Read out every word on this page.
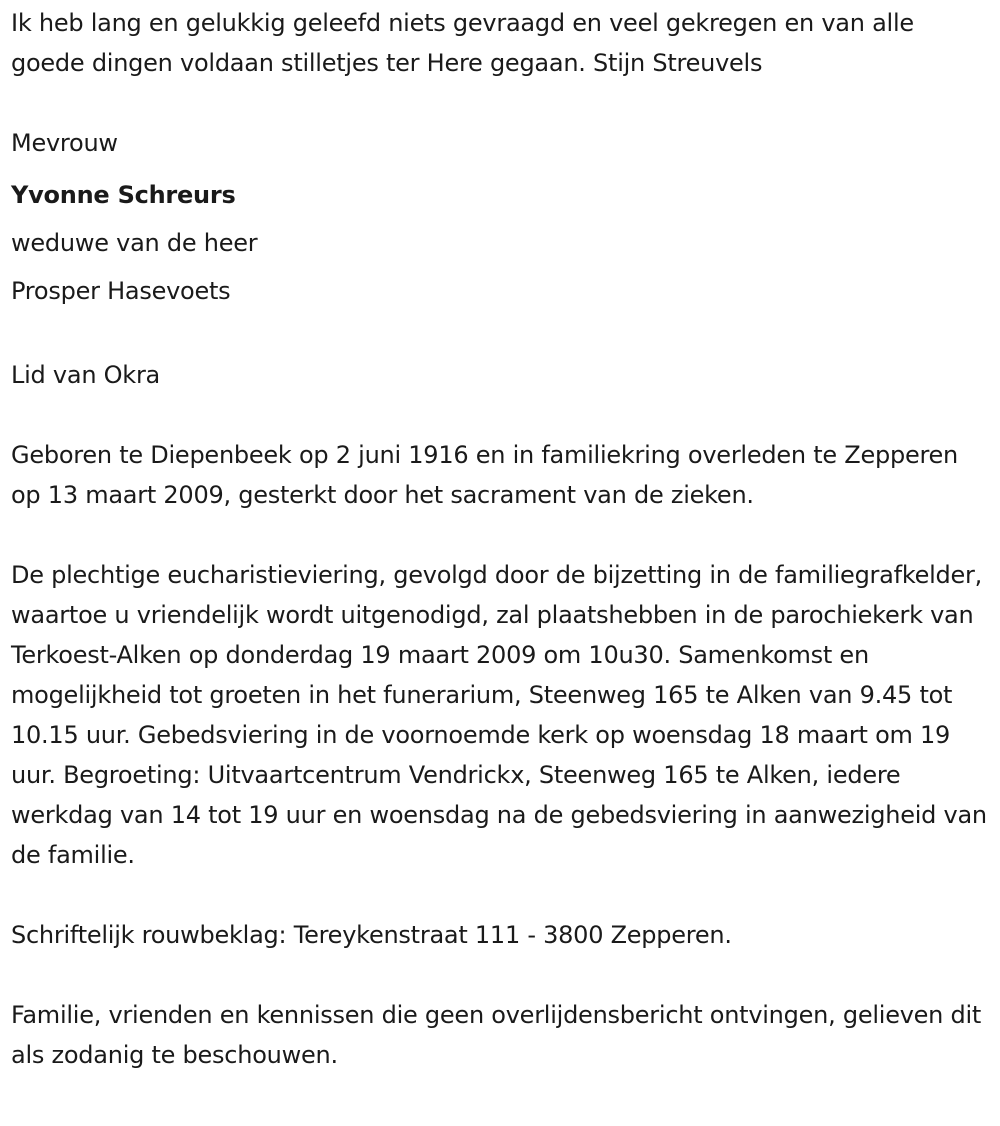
Ik heb lang en gelukkig geleefd niets gevraagd en veel gekregen en van alle goede dingen voldaan stilletjes ter Here gegaan. Stijn Streuvels

Mevrouw

Yvonne Schreurs

weduwe van de heer

Prosper Hasevoets

Lid van Okra

Geboren te Diepenbeek op 2 juni 1916 en in familiekring overleden te Zepperen op 13 maart 2009, gesterkt door het sacrament van de zieken.

De plechtige eucharistieviering, gevolgd door de bijzetting in de familiegrafkelder, waartoe u vriendelijk wordt uitgenodigd, zal plaatshebben in de parochiekerk van Terkoest-Alken op donderdag 19 maart 2009 om 10u30. Samenkomst en mogelijkheid tot groeten in het funerarium, Steenweg 165 te Alken van 9.45 tot 10.15 uur. Gebedsviering in de voornoemde kerk op woensdag 18 maart om 19 uur. Begroeting: Uitvaartcentrum Vendrickx, Steenweg 165 te Alken, iedere werkdag van 14 tot 19 uur en woensdag na de gebedsviering in aanwezigheid van de familie.

Schriftelijk rouwbeklag: Tereykenstraat 111 - 3800 Zepperen.

Familie, vrienden en kennissen die geen overlijdensbericht ontvingen, gelieven dit als zodanig te beschouwen.
